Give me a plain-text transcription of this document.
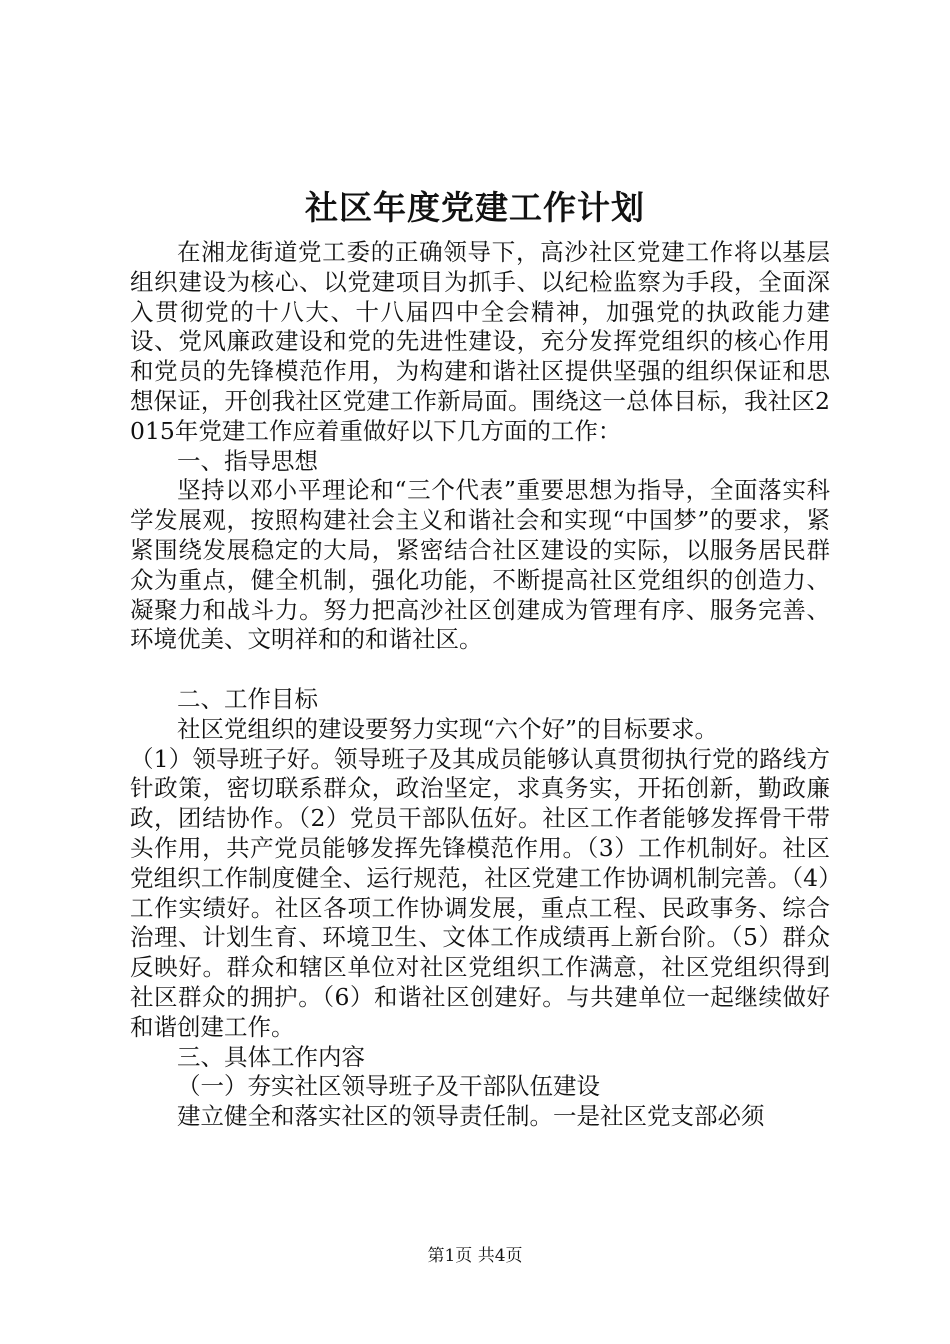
社区年度党建工作计划

在湘龙街道党工委的正确领导下，高沙社区党建工作将以基层组织建设为核心、以党建项目为抓手、以纪检监察为手段，全面深入贯彻党的十八大、十八届四中全会精神，加强党的执政能力建设、党风廉政建设和党的先进性建设，充分发挥党组织的核心作用和党员的先锋模范作用，为构建和谐社区提供坚强的组织保证和思想保证，开创我社区党建工作新局面。围绕这一总体目标，我社区2015年党建工作应着重做好以下几方面的工作：

一、指导思想

坚持以邓小平理论和“三个代表”重要思想为指导，全面落实科学发展观，按照构建社会主义和谐社会和实现“中国梦”的要求，紧紧围绕发展稳定的大局，紧密结合社区建设的实际，以服务居民群众为重点，健全机制，强化功能，不断提高社区党组织的创造力、凝聚力和战斗力。努力把高沙社区创建成为管理有序、服务完善、环境优美、文明祥和的和谐社区。

二、工作目标

社区党组织的建设要努力实现“六个好”的目标要求。

（1）领导班子好。领导班子及其成员能够认真贯彻执行党的路线方针政策，密切联系群众，政治坚定，求真务实，开拓创新，勤政廉政，团结协作。（2）党员干部队伍好。社区工作者能够发挥骨干带头作用，共产党员能够发挥先锋模范作用。（3）工作机制好。社区党组织工作制度健全、运行规范，社区党建工作协调机制完善。（4）工作实绩好。社区各项工作协调发展，重点工程、民政事务、综合治理、计划生育、环境卫生、文体工作成绩再上新台阶。（5）群众反映好。群众和辖区单位对社区党组织工作满意，社区党组织得到社区群众的拥护。（6）和谐社区创建好。与共建单位一起继续做好和谐创建工作。

三、具体工作内容

（一）夯实社区领导班子及干部队伍建设

建立健全和落实社区的领导责任制。一是社区党支部必须

第1页 共4页
